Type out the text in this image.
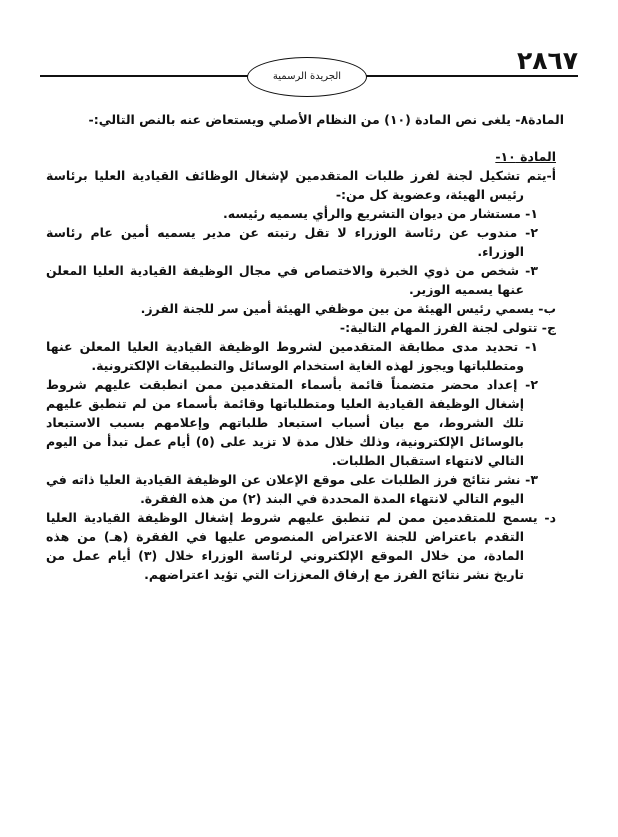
٢٨٦٧
الجريدة الرسمية

المادة٨- يلغى نص المادة (١٠) من النظام الأصلي ويستعاض عنه بالنص التالي:-

المادة ١٠-

أ-يتم تشكيل لجنة لفرز طلبات المتقدمين لإشغال الوظائف القيادية العليا برئاسة رئيس الهيئة، وعضوية كل من:-

١- مستشار من ديوان التشريع والرأي يسميه رئيسه.

٢- مندوب عن رئاسة الوزراء لا تقل رتبته عن مدير يسميه أمين عام رئاسة الوزراء.

٣- شخص من ذوي الخبرة والاختصاص في مجال الوظيفة القيادية العليا المعلن عنها يسميه الوزير.

ب- يسمي رئيس الهيئة من بين موظفي الهيئة أمين سر للجنة الفرز.

ج- تتولى لجنة الفرز المهام التالية:-

١- تحديد مدى مطابقة المتقدمين لشروط الوظيفة القيادية العليا المعلن عنها ومتطلباتها ويجوز لهذه الغاية استخدام الوسائل والتطبيقات الإلكترونية.

٢- إعداد محضر متضمناً قائمة بأسماء المتقدمين ممن انطبقت عليهم شروط إشغال الوظيفة القيادية العليا ومتطلباتها وقائمة بأسماء من لم تنطبق عليهم تلك الشروط، مع بيان أسباب استبعاد طلباتهم وإعلامهم بسبب الاستبعاد بالوسائل الإلكترونية، وذلك خلال مدة لا تزيد على (٥) أيام عمل تبدأ من اليوم التالي لانتهاء استقبال الطلبات.

٣- نشر نتائج فرز الطلبات على موقع الإعلان عن الوظيفة القيادية العليا ذاته في اليوم التالي لانتهاء المدة المحددة في البند (٢) من هذه الفقرة.

د- يسمح للمتقدمين ممن لم تنطبق عليهم شروط إشغال الوظيفة القيادية العليا التقدم باعتراض للجنة الاعتراض المنصوص عليها في الفقرة (هـ) من هذه المادة، من خلال الموقع الإلكتروني لرئاسة الوزراء خلال (٣) أيام عمل من تاريخ نشر نتائج الفرز مع إرفاق المعززات التي تؤيد اعتراضهم.
